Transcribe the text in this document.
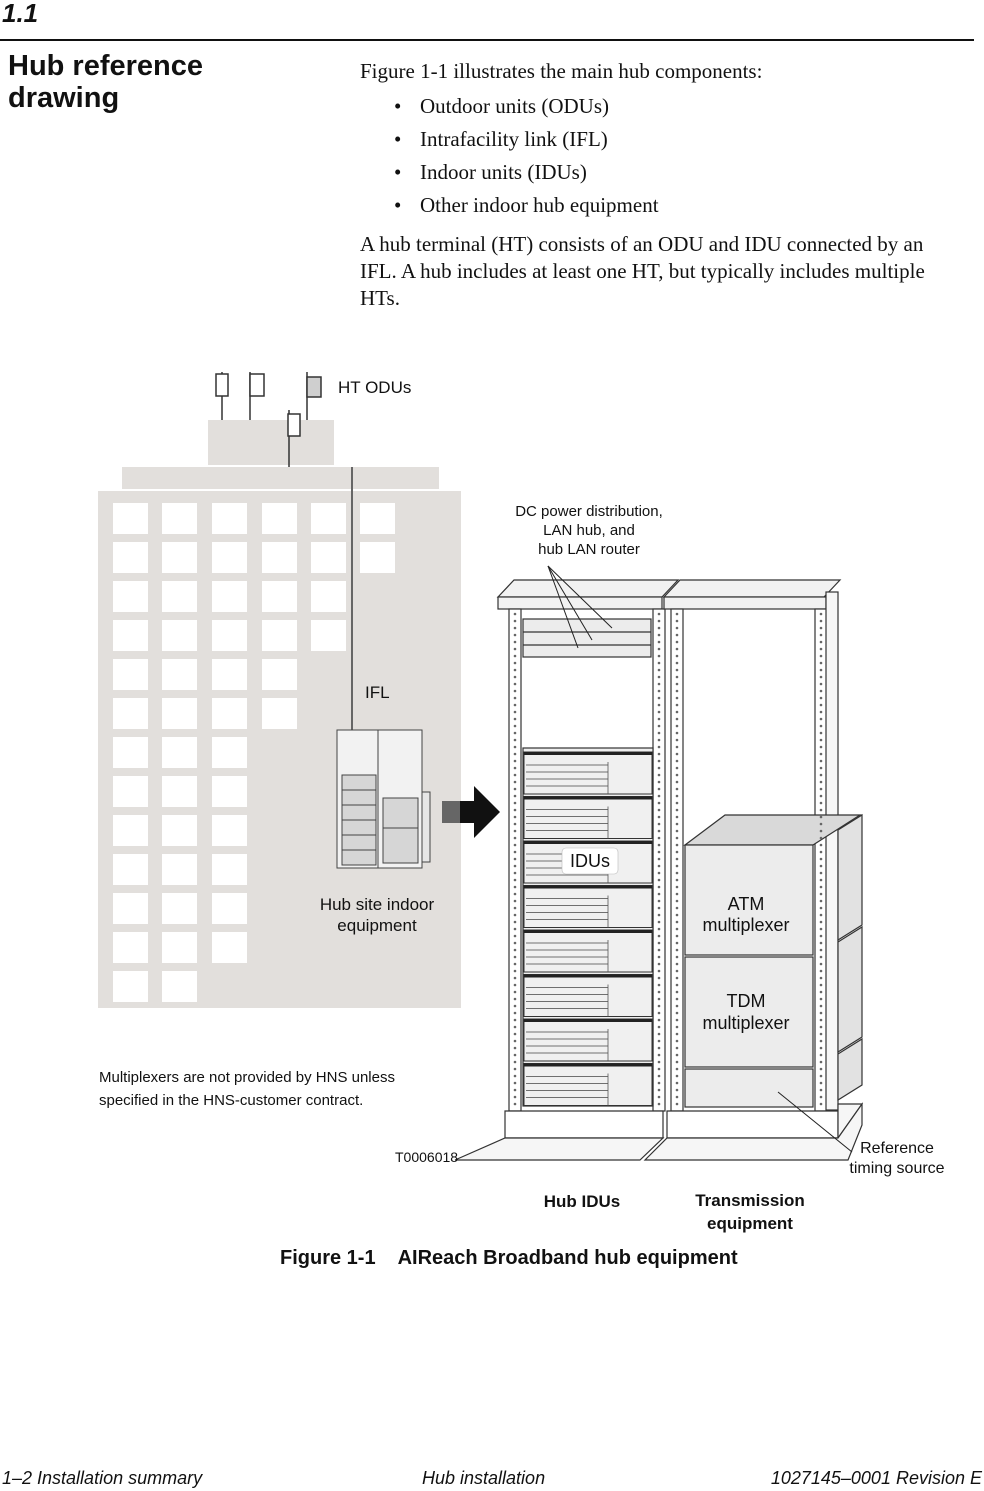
1.1
Hub reference
drawing

Figure 1-1 illustrates the main hub components:

• Outdoor units (ODUs)
• Intrafacility link (IFL)
• Indoor units (IDUs)
• Other indoor hub equipment

A hub terminal (HT) consists of an ODU and IDU connected by an IFL. A hub includes at least one HT, but typically includes multiple HTs.

HT ODUs
IFL
Hub site indoor
equipment
DC power distribution,
LAN hub, and
hub LAN router
IDUs
ATM
multiplexer
TDM
multiplexer
Multiplexers are not provided by HNS unless
specified in the HNS-customer contract.
T0006018	Reference
timing source
Hub IDUs	Transmission
equipment
Figure 1-1 AIReach Broadband hub equipment
1–2 Installation summary	Hub installation	1027145–0001 Revision E
